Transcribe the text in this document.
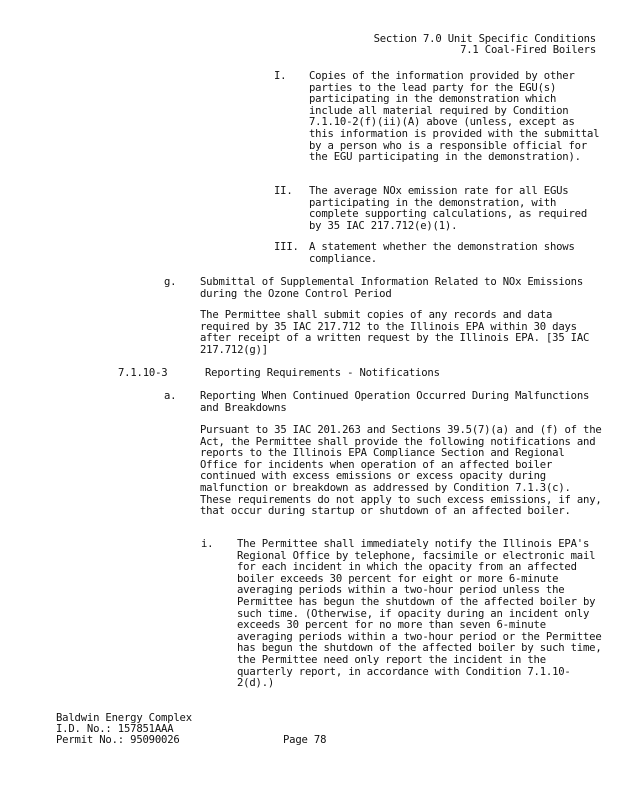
Section 7.0 Unit Specific Conditions
7.1 Coal-Fired Boilers
I. Copies of the information provided by other parties to the lead party for the EGU(s) participating in the demonstration which include all material required by Condition 7.1.10-2(f)(ii)(A) above (unless, except as this information is provided with the submittal by a person who is a responsible official for the EGU participating in the demonstration).
II. The average NOx emission rate for all EGUs participating in the demonstration, with complete supporting calculations, as required by 35 IAC 217.712(e)(1).
III. A statement whether the demonstration shows compliance.
g. Submittal of Supplemental Information Related to NOx Emissions during the Ozone Control Period
The Permittee shall submit copies of any records and data required by 35 IAC 217.712 to the Illinois EPA within 30 days after receipt of a written request by the Illinois EPA. [35 IAC 217.712(g)]
7.1.10-3	Reporting Requirements - Notifications
a. Reporting When Continued Operation Occurred During Malfunctions and Breakdowns
Pursuant to 35 IAC 201.263 and Sections 39.5(7)(a) and (f) of the Act, the Permittee shall provide the following notifications and reports to the Illinois EPA Compliance Section and Regional Office for incidents when operation of an affected boiler continued with excess emissions or excess opacity during malfunction or breakdown as addressed by Condition 7.1.3(c). These requirements do not apply to such excess emissions, if any, that occur during startup or shutdown of an affected boiler.
i. The Permittee shall immediately notify the Illinois EPA's Regional Office by telephone, facsimile or electronic mail for each incident in which the opacity from an affected boiler exceeds 30 percent for eight or more 6-minute averaging periods within a two-hour period unless the Permittee has begun the shutdown of the affected boiler by such time. (Otherwise, if opacity during an incident only exceeds 30 percent for no more than seven 6-minute averaging periods within a two-hour period or the Permittee has begun the shutdown of the affected boiler by such time, the Permittee need only report the incident in the quarterly report, in accordance with Condition 7.1.10-2(d).)
Baldwin Energy Complex
I.D. No.: 157851AAA
Permit No.: 95090026	Page 78
